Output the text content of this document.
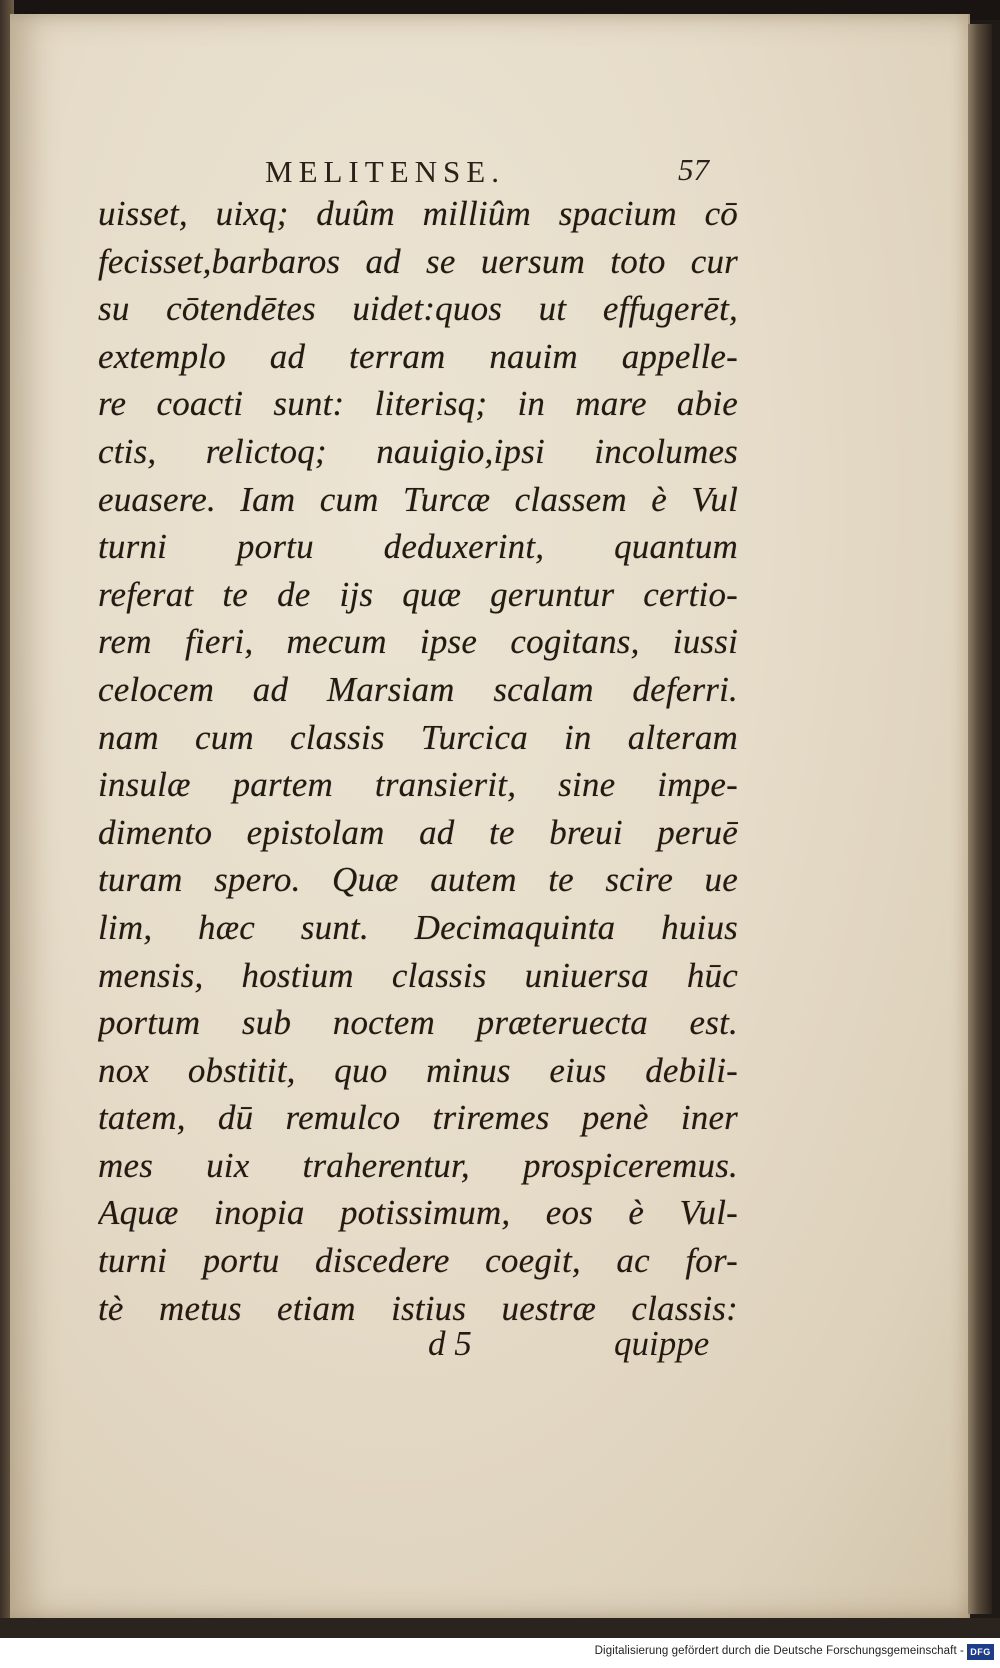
MELITENSE.	57
uisset, uixq; duûm milliûm spacium cō
fecisset,barbaros ad se uersum toto cur
su cōtendētes uidet:quos ut effugerēt,
extemplo ad terram nauim appelle-
re coacti sunt: literisq; in mare abie
ctis, relictoq; nauigio,ipsi incolumes
euasere. Iam cum Turcæ classem è Vul
turni portu deduxerint, quantum
referat te de ijs quæ geruntur certio-
rem fieri, mecum ipse cogitans, iussi
celocem ad Marsiam scalam deferri.
nam cum classis Turcica in alteram
insulæ partem transierit, sine impe-
dimento epistolam ad te breui peruē
turam spero. Quæ autem te scire ue
lim, hæc sunt. Decimaquinta huius
mensis, hostium classis uniuersa hūc
portum sub noctem præteruecta est.
nox obstitit, quo minus eius debili-
tatem, dū remulco triremes penè iner
mes uix traherentur, prospiceremus.
Aquæ inopia potissimum, eos è Vul-
turni portu discedere coegit, ac for-
tè metus etiam istius uestræ classis:
d 5	quippe
Digitalisierung gefördert durch die Deutsche Forschungsgemeinschaft - DFG
